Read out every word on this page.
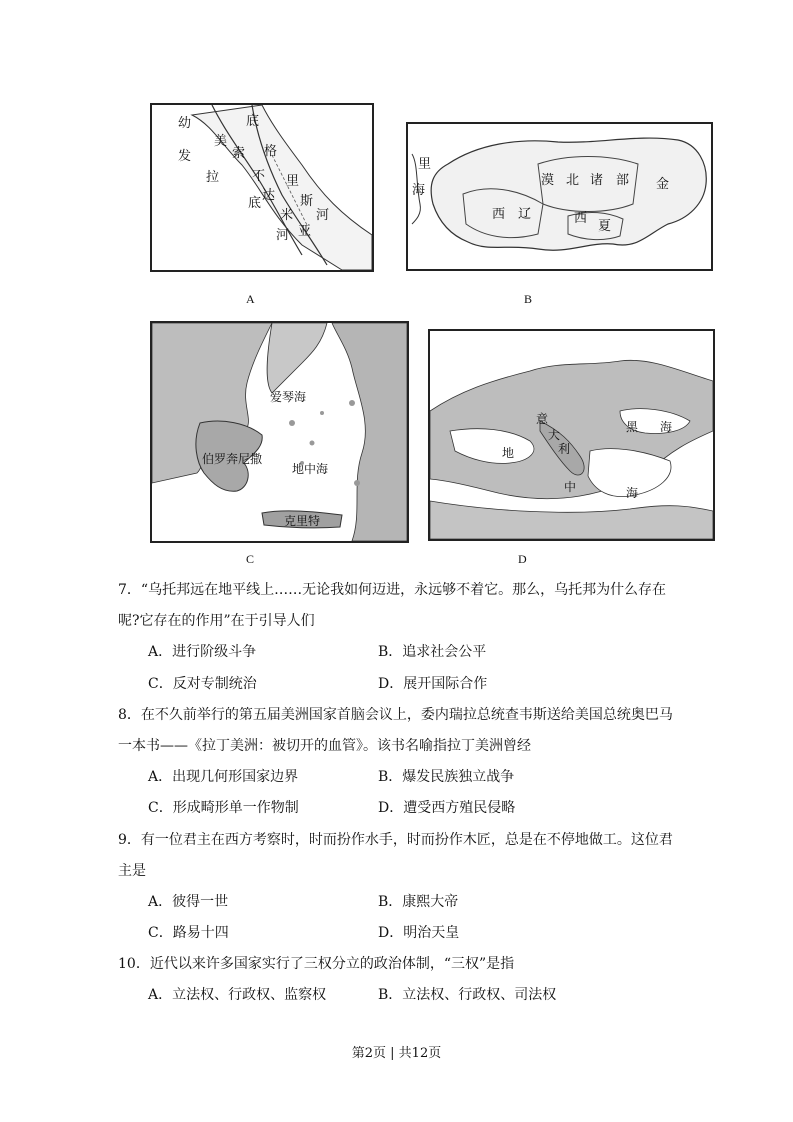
幼
发
拉
底
美
索
不
达
米
亚
格
里
斯
底
河
河
A
里
海
漠 北 诸 部 金
西 辽	西
夏
B
爱琴海
伯罗奔尼撒
地中海
克里特
C
意
大
利
地
中	海
黑 海
D
7．“乌托邦远在地平线上……无论我如何迈进，永远够不着它。那么，乌托邦为什么存在
呢?它存在的作用”在于引导人们
A．进行阶级斗争	B．追求社会公平
C．反对专制统治	D．展开国际合作
8．在不久前举行的第五届美洲国家首脑会议上，委内瑞拉总统查韦斯送给美国总统奥巴马
一本书——《拉丁美洲：被切开的血管》。该书名喻指拉丁美洲曾经
A．出现几何形国家边界	B．爆发民族独立战争
C．形成畸形单一作物制	D．遭受西方殖民侵略
9．有一位君主在西方考察时，时而扮作水手，时而扮作木匠，总是在不停地做工。这位君
主是
A．彼得一世	B．康熙大帝
C．路易十四	D．明治天皇
10．近代以来许多国家实行了三权分立的政治体制，“三权”是指
A．立法权、行政权、监察权	B．立法权、行政权、司法权
第2页 | 共12页
